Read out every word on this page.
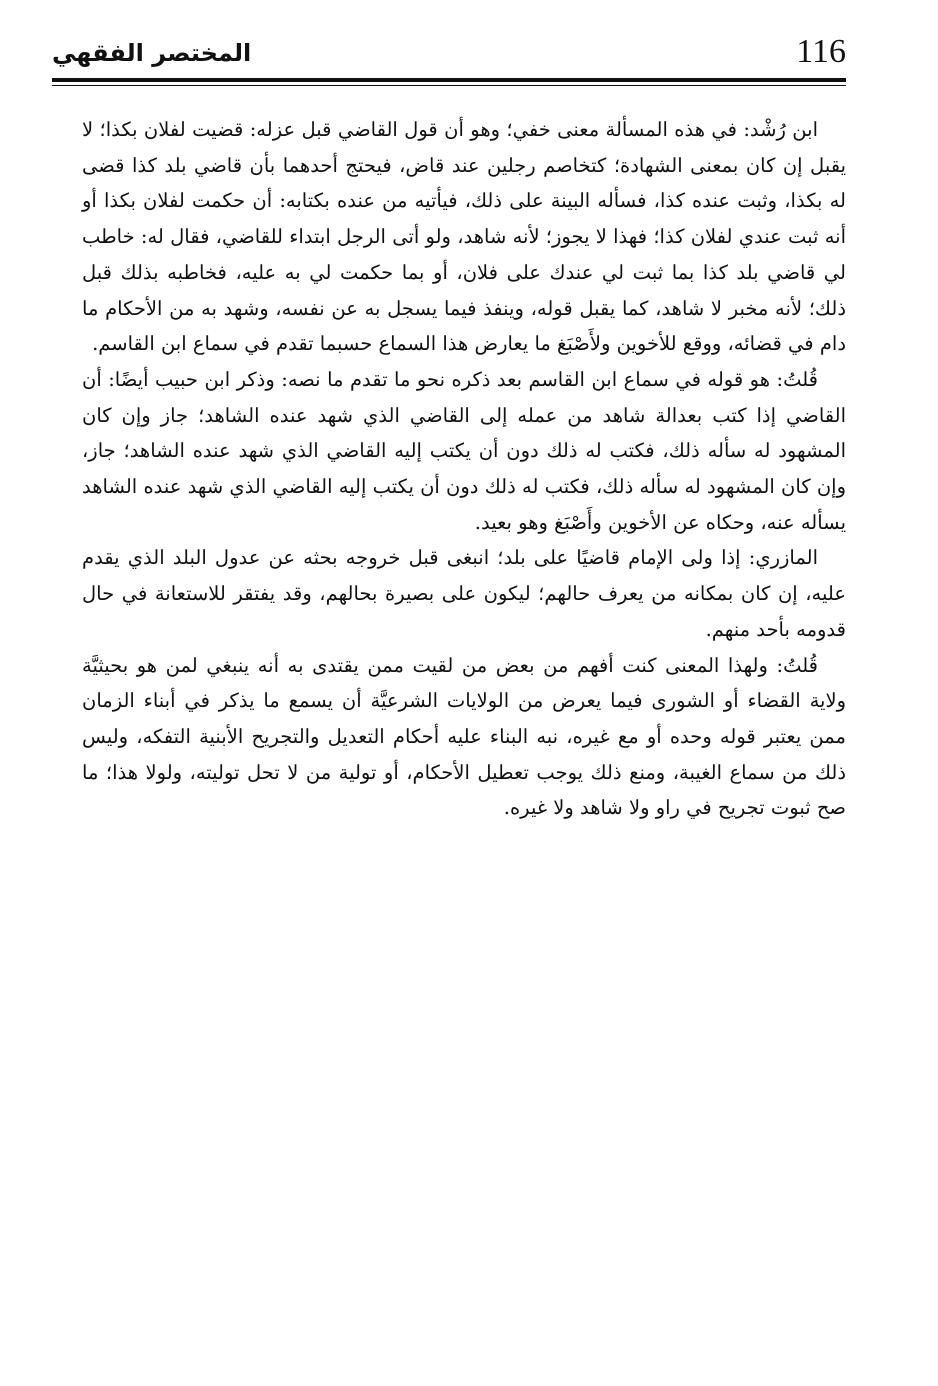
116
المختصر الفقهي

ابن رُشْد: في هذه المسألة معنى خفي؛ وهو أن قول القاضي قبل عزله: قضيت لفلان بكذا؛ لا يقبل إن كان بمعنى الشهادة؛ كتخاصم رجلين عند قاض، فيحتج أحدهما بأن قاضي بلد كذا قضى له بكذا، وثبت عنده كذا، فسأله البينة على ذلك، فيأتيه من عنده بكتابه: أن حكمت لفلان بكذا أو أنه ثبت عندي لفلان كذا؛ فهذا لا يجوز؛ لأنه شاهد، ولو أتى الرجل ابتداء للقاضي، فقال له: خاطب لي قاضي بلد كذا بما ثبت لي عندك على فلان، أو بما حكمت لي به عليه، فخاطبه بذلك قبل ذلك؛ لأنه مخبر لا شاهد، كما يقبل قوله، وينفذ فيما يسجل به عن نفسه، وشهد به من الأحكام ما دام في قضائه، ووقع للأخوين ولأَصْبَغ ما يعارض هذا السماع حسبما تقدم في سماع ابن القاسم.

قُلتُ: هو قوله في سماع ابن القاسم بعد ذكره نحو ما تقدم ما نصه: وذكر ابن حبيب أيضًا: أن القاضي إذا كتب بعدالة شاهد من عمله إلى القاضي الذي شهد عنده الشاهد؛ جاز وإن كان المشهود له سأله ذلك، فكتب له ذلك دون أن يكتب إليه القاضي الذي شهد عنده الشاهد؛ جاز، وإن كان المشهود له سأله ذلك، فكتب له ذلك دون أن يكتب إليه القاضي الذي شهد عنده الشاهد يسأله عنه، وحكاه عن الأخوين وأَصْبَغ وهو بعيد.

المازري: إذا ولى الإمام قاضيًا على بلد؛ انبغى قبل خروجه بحثه عن عدول البلد الذي يقدم عليه، إن كان بمكانه من يعرف حالهم؛ ليكون على بصيرة بحالهم، وقد يفتقر للاستعانة في حال قدومه بأحد منهم.

قُلتُ: ولهذا المعنى كنت أفهم من بعض من لقيت ممن يقتدى به أنه ينبغي لمن هو بحيثيَّة ولاية القضاء أو الشورى فيما يعرض من الولايات الشرعيَّة أن يسمع ما يذكر في أبناء الزمان ممن يعتبر قوله وحده أو مع غيره، نبه البناء عليه أحكام التعديل والتجريح الأبنية التفكه، وليس ذلك من سماع الغيبة، ومنع ذلك يوجب تعطيل الأحكام، أو تولية من لا تحل توليته، ولولا هذا؛ ما صح ثبوت تجريح في راو ولا شاهد ولا غيره.
